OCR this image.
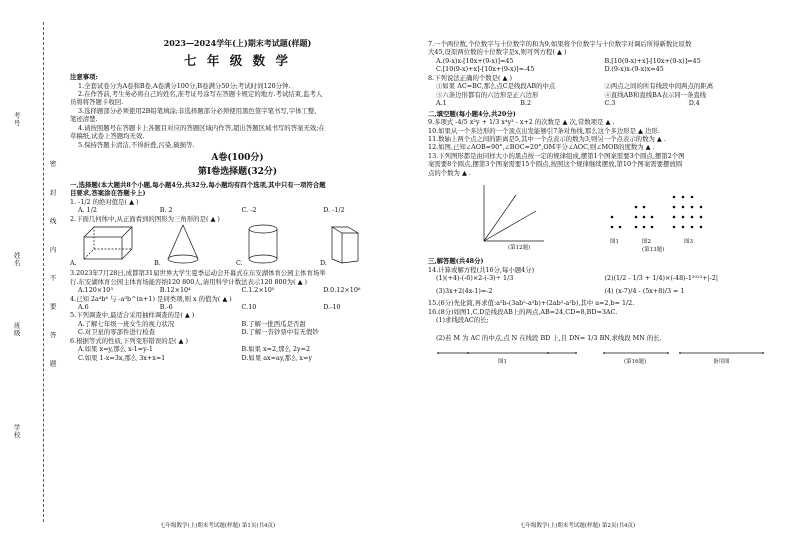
考号
姓名
班级
学校
密 封 线 内 不 要 答 题

2023—2024学年(上)期末考试题(样题)

七 年 级 数 学

注意事项:

1.全套试卷分为A卷和B卷,A卷满分100分,B卷满分50分;考试时间120分钟.

2.在作答前,考生务必将自己的姓名,准考证号涂写在答题卡规定的地方.考试结束,监考人

员将将答题卡收回.

3.选择题部分必须使用2B铅笔填涂;非选择题部分必须使用黑色签字笔书写,字体工整,

笔迹清楚.

4.请按照题号在答题卡上各题目对应的答题区域内作答,超出答题区域书写的答案无效;在

草稿纸,试卷上答题均无效.

5.保持答题卡清洁,不得折叠,污染,破损等.

A卷(100分)

第Ⅰ卷选择题(32分)

一,选择题(本大题共8个小题,每小题4分,共32分,每小题均有四个选项,其中只有一项符合题

目要求,答案涂在答题卡上)

1. -1/2 的绝对值是( ▲ )

A. 1/2	B. 2	C. -2	D. -1/2

2.下面几何体中,从正面看到的图形为三角形的是( ▲ )

A.	B.	C.	D.

3.2023年7月28日,成都第31届世界大学生夏季运动会开幕式在东安湖体育公园主体育场举

行.东安湖体育公园主体育场能容纳120 800人,请用科学计数法表示120 800为( ▲ )

A.120×10³	B.12×10⁴	C.1.2×10⁵	D.0.12×10⁶

4.已知 2a⁴b⁶ 与 -a³b^(n+1) 是同类项,则 x 的值为( ▲ )

A.6	B.-6	C.10	D.-10

5.下列调查中,最适合采用抽样调查的是( ▲ )

A.了解七年级一班女生的视力状况	B.了解一批西瓜是否甜
C.对卫星的零部件进行检查	D.了解一沓钞票中有无假钞

6.根据等式的性质,下列变形错误的是( ▲ )

A.如果 x=y,那么 x-1=y-1	B.如果 x=2,那么 2y=2
C.如果 1-x=3x,那么 3x+x=1	D.如果 ax=ay,那么 x=y

7.一个两位数,个位数字与十位数字的和为9,如果将个位数字与十位数字对调后所得新数比原数

大45,设原两位数的十位数字是x,则可列方程( ▲ )

A.(9-x)x-[10x+(9-x)]=45	B.[10(9-x)+x]-[10x+(9-x)]=45
C.[10(9-x)+x]-[10x+(9-x)]=-45	D.(9-x)x-(9-x)x=45

8.下列说法正确的个数是( ▲ )

①如果 AC=BC,那么点C是线段AB的中点	②两点之间的所有线段中间两点的距离
③六条边形都有的六边形是正六边形	④直线AB和直线BA表示同一条直线
A.1	B.2	C.3	D.4

二,填空题(每小题4分,共20分)

9.多项式 -4/5 x²y + 1/3 x⁴y³ - x+2 的次数是 ▲ 次,常数项是 ▲ .

10.如果从一个多边形的一个顶点出发能够引7条对角线,那么这个多边形是 ▲ 边形.

11.数轴上两个点之间的距离是5,其中一个点表示的数为3,则另一个点表示的数为 ▲ .

12.如图,已知∠AOB=90°,∠BOC=20°,OM平分∠AOC,则∠MOB的度数为 ▲ .

13.下列图形都是由同样大小的黑点按一定的规律组成,摆第1个图案需要3个圆点,摆第2个图

案需要8个圆点,摆第3个图案需要15个圆点,按照这个规律继续摆放,第10个图案需要摆放圆

点的个数为 ▲ .

(第12题)
图1	图2	图3
(第13题)

三,解答题(共48分)

14.计算或解方程(共16分,每小题4分)

(1)(+4)-(-6)×2-(-3)÷ 1/3	(2)(1/2 - 1/3 + 1/4)×(-48)-1²⁰²³+|-2|
(3)3x+2(4x-1)=-2	(4) (x-7)/4 - (5x+8)/3 = 1

15.(6分)先化简,再求值:a²b-(3ab²-a²b)+(2ab²-a²b),其中 a=2,b= 1/2.

16.(8分)如图1,C,D是线段AB上的两点,AB=24,CD=8,BD=3AC.

(1)求线段AC的长;

(2)若 M 为 AC 的中点,点 N 在线段 BD 上,且 DN= 1/3 BN,求线段 MN 的长.

图1	(第16题)	备用图
七年级数学(上)期末考试题(样题) 第1页(共4页)	七年级数学(上)期末考试题(样题) 第2页(共4页)
